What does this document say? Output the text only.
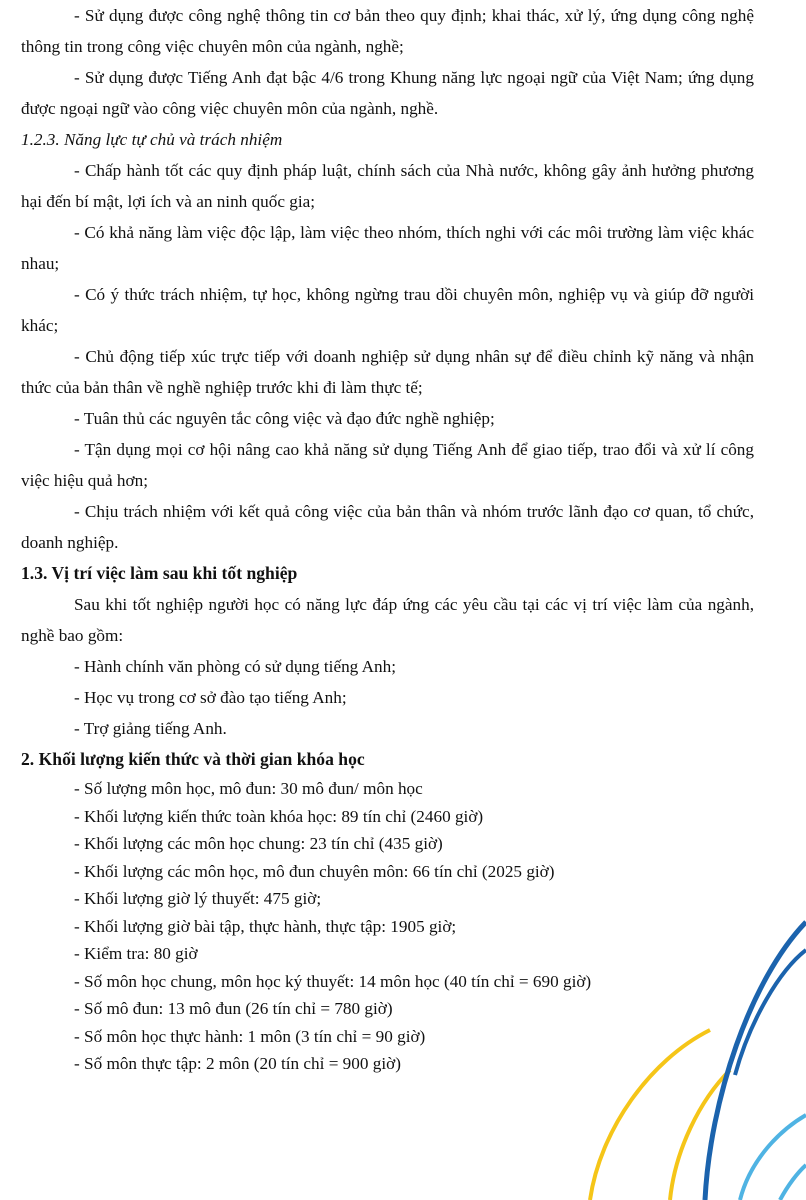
- Sử dụng được công nghệ thông tin cơ bản theo quy định; khai thác, xử lý, ứng dụng công nghệ thông tin trong công việc chuyên môn của ngành, nghề;

- Sử dụng được Tiếng Anh đạt bậc 4/6 trong Khung năng lực ngoại ngữ của Việt Nam; ứng dụng được ngoại ngữ vào công việc chuyên môn của ngành, nghề.

1.2.3. Năng lực tự chủ và trách nhiệm

- Chấp hành tốt các quy định pháp luật, chính sách của Nhà nước, không gây ảnh hưởng phương hại đến bí mật, lợi ích và an ninh quốc gia;

- Có khả năng làm việc độc lập, làm việc theo nhóm, thích nghi với các môi trường làm việc khác nhau;

- Có ý thức trách nhiệm, tự học, không ngừng trau dồi chuyên môn, nghiệp vụ và giúp đỡ người khác;

- Chủ động tiếp xúc trực tiếp với doanh nghiệp sử dụng nhân sự để điều chỉnh kỹ năng và nhận thức của bản thân về nghề nghiệp trước khi đi làm thực tế;

- Tuân thủ các nguyên tắc công việc và đạo đức nghề nghiệp;

- Tận dụng mọi cơ hội nâng cao khả năng sử dụng Tiếng Anh để giao tiếp, trao đổi và xử lí công việc hiệu quả hơn;

- Chịu trách nhiệm với kết quả công việc của bản thân và nhóm trước lãnh đạo cơ quan, tổ chức, doanh nghiệp.

1.3. Vị trí việc làm sau khi tốt nghiệp

Sau khi tốt nghiệp người học có năng lực đáp ứng các yêu cầu tại các vị trí việc làm của ngành, nghề bao gồm:

- Hành chính văn phòng có sử dụng tiếng Anh;

- Học vụ trong cơ sở đào tạo tiếng Anh;

- Trợ giảng tiếng Anh.

2. Khối lượng kiến thức và thời gian khóa học

- Số lượng môn học, mô đun: 30 mô đun/ môn học

- Khối lượng kiến thức toàn khóa học: 89 tín chỉ (2460 giờ)

- Khối lượng các môn học chung: 23 tín chỉ (435 giờ)

- Khối lượng các môn học, mô đun chuyên môn: 66 tín chỉ (2025 giờ)

- Khối lượng giờ lý thuyết: 475 giờ;

- Khối lượng giờ bài tập, thực hành, thực tập: 1905 giờ;

- Kiểm tra: 80 giờ

- Số môn học chung, môn học ký thuyết: 14 môn học (40 tín chỉ = 690 giờ)

- Số mô đun: 13 mô đun (26 tín chỉ = 780 giờ)

- Số môn học thực hành: 1 môn (3 tín chỉ = 90 giờ)

- Số môn thực tập: 2 môn (20 tín chỉ = 900 giờ)
